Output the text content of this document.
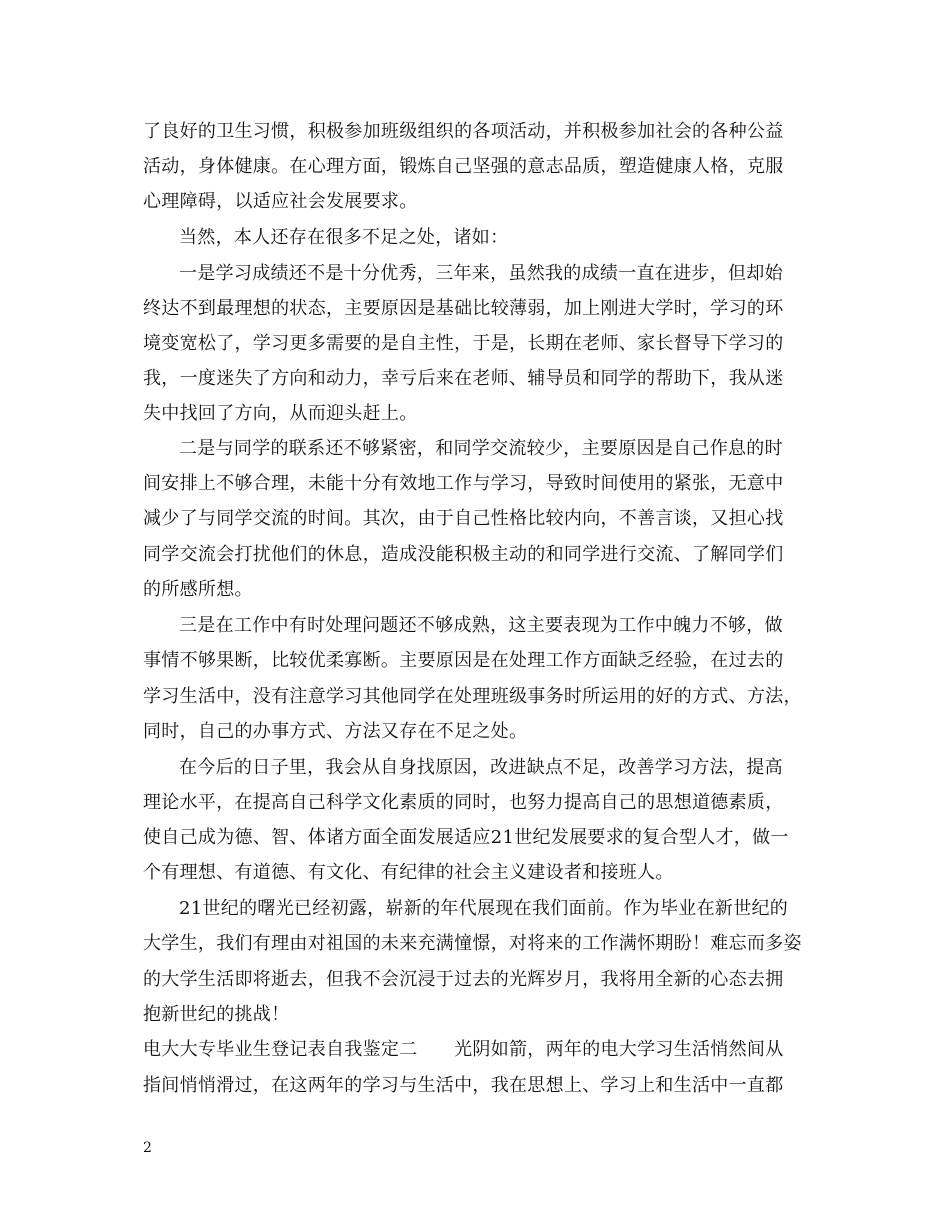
了良好的卫生习惯，积极参加班级组织的各项活动，并积极参加社会的各种公益
活动，身体健康。在心理方面，锻炼自己坚强的意志品质，塑造健康人格，克服
心理障碍，以适应社会发展要求。
当然，本人还存在很多不足之处，诸如：
一是学习成绩还不是十分优秀，三年来，虽然我的成绩一直在进步，但却始
终达不到最理想的状态，主要原因是基础比较薄弱，加上刚进大学时，学习的环
境变宽松了，学习更多需要的是自主性，于是，长期在老师、家长督导下学习的
我，一度迷失了方向和动力，幸亏后来在老师、辅导员和同学的帮助下，我从迷
失中找回了方向，从而迎头赶上。
二是与同学的联系还不够紧密，和同学交流较少，主要原因是自己作息的时
间安排上不够合理，未能十分有效地工作与学习，导致时间使用的紧张，无意中
减少了与同学交流的时间。其次，由于自己性格比较内向，不善言谈，又担心找
同学交流会打扰他们的休息，造成没能积极主动的和同学进行交流、了解同学们
的所感所想。
三是在工作中有时处理问题还不够成熟，这主要表现为工作中魄力不够，做
事情不够果断，比较优柔寡断。主要原因是在处理工作方面缺乏经验，在过去的
学习生活中，没有注意学习其他同学在处理班级事务时所运用的好的方式、方法，
同时，自己的办事方式、方法又存在不足之处。
在今后的日子里，我会从自身找原因，改进缺点不足，改善学习方法，提高
理论水平，在提高自己科学文化素质的同时，也努力提高自己的思想道德素质，
使自己成为德、智、体诸方面全面发展适应21世纪发展要求的复合型人才，做一
个有理想、有道德、有文化、有纪律的社会主义建设者和接班人。
21世纪的曙光已经初露，崭新的年代展现在我们面前。作为毕业在新世纪的
大学生，我们有理由对祖国的未来充满憧憬，对将来的工作满怀期盼！难忘而多姿
的大学生活即将逝去，但我不会沉浸于过去的光辉岁月，我将用全新的心态去拥
抱新世纪的挑战！
电大大专毕业生登记表自我鉴定二　　光阴如箭，两年的电大学习生活悄然间从
指间悄悄滑过，在这两年的学习与生活中，我在思想上、学习上和生活中一直都
2
